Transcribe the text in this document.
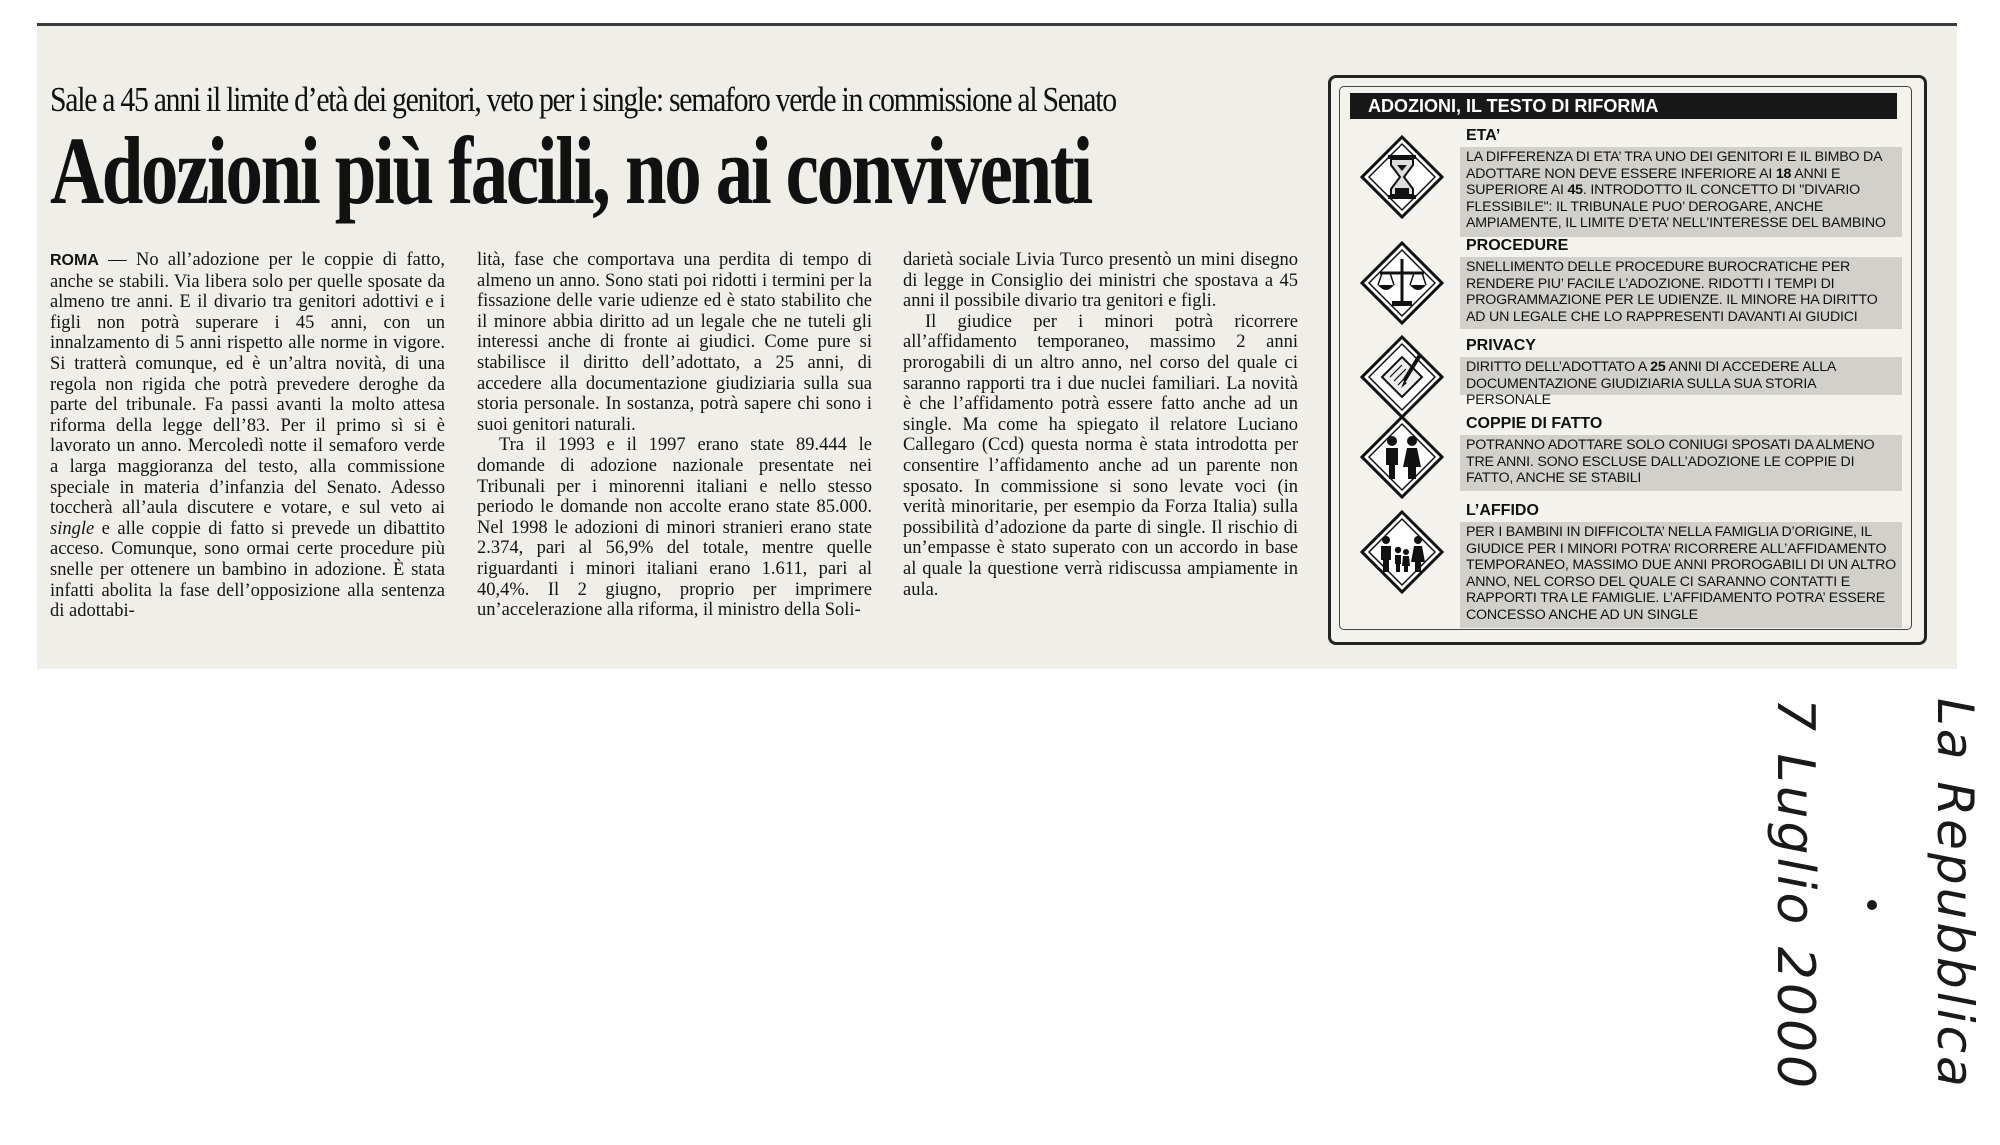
Sale a 45 anni il limite d’età dei genitori, veto per i single: semaforo verde in commissione al Senato
Adozioni più facili, no ai conviventi

ROMA — No all’adozione per le coppie di fatto, anche se stabili. Via libera solo per quelle sposate da almeno tre anni. E il divario tra genitori adottivi e i figli non potrà superare i 45 anni, con un innalzamento di 5 anni rispetto alle norme in vigore. Si tratterà comunque, ed è un’altra novità, di una regola non rigida che potrà prevedere deroghe da parte del tribunale. Fa passi avanti la molto attesa riforma della legge dell’83. Per il primo sì si è lavorato un anno. Mercoledì notte il semaforo verde a larga maggioranza del testo, alla commissione speciale in materia d’infanzia del Senato. Adesso toccherà all’aula discutere e votare, e sul veto ai single e alle coppie di fatto si prevede un dibattito acceso. Comunque, sono ormai certe procedure più snelle per ottenere un bambino in adozione. È stata infatti abolita la fase dell’opposizione alla sentenza di adottabi-

lità, fase che comportava una perdita di tempo di almeno un anno. Sono stati poi ridotti i termini per la fissazione delle varie udienze ed è stato stabilito che il minore abbia diritto ad un legale che ne tuteli gli interessi anche di fronte ai giudici. Come pure si stabilisce il diritto dell’adottato, a 25 anni, di accedere alla documentazione giudiziaria sulla sua storia personale. In sostanza, potrà sapere chi sono i suoi genitori naturali.

Tra il 1993 e il 1997 erano state 89.444 le domande di adozione nazionale presentate nei Tribunali per i minorenni italiani e nello stesso periodo le domande non accolte erano state 85.000. Nel 1998 le adozioni di minori stranieri erano state 2.374, pari al 56,9% del totale, mentre quelle riguardanti i minori italiani erano 1.611, pari al 40,4%. Il 2 giugno, proprio per imprimere un’accelerazione alla riforma, il ministro della Soli-

darietà sociale Livia Turco presentò un mini disegno di legge in Consiglio dei ministri che spostava a 45 anni il possibile divario tra genitori e figli.

Il giudice per i minori potrà ricorrere all’affidamento temporaneo, massimo 2 anni prorogabili di un altro anno, nel corso del quale ci saranno rapporti tra i due nuclei familiari. La novità è che l’affidamento potrà essere fatto anche ad un single. Ma come ha spiegato il relatore Luciano Callegaro (Ccd) questa norma è stata introdotta per consentire l’affidamento anche ad un parente non sposato. In commissione si sono levate voci (in verità minoritarie, per esempio da Forza Italia) sulla possibilità d’adozione da parte di single. Il rischio di un’empasse è stato superato con un accordo in base al quale la questione verrà ridiscussa ampiamente in aula.

ADOZIONI, IL TESTO DI RIFORMA
ETA’
LA DIFFERENZA DI ETA’ TRA UNO DEI GENITORI E IL BIMBO DA ADOTTARE NON DEVE ESSERE INFERIORE AI 18 ANNI E SUPERIORE AI 45. INTRODOTTO IL CONCETTO DI "DIVARIO FLESSIBILE": IL TRIBUNALE PUO’ DEROGARE, ANCHE AMPIAMENTE, IL LIMITE D’ETA’ NELL’INTERESSE DEL BAMBINO
SNELLIMENTO DELLE PROCEDURE BUROCRATICHE PER RENDERE PIU’ FACILE L’ADOZIONE. RIDOTTI I TEMPI DI PROGRAMMAZIONE PER LE UDIENZE. IL MINORE HA DIRITTO AD UN LEGALE CHE LO RAPPRESENTI DAVANTI AI GIUDICI
PROCEDURE
PRIVACY
DIRITTO DELL’ADOTTATO A 25 ANNI DI ACCEDERE ALLA DOCUMENTAZIONE GIUDIZIARIA SULLA SUA STORIA PERSONALE
COPPIE DI FATTO
POTRANNO ADOTTARE SOLO CONIUGI SPOSATI DA ALMENO TRE ANNI. SONO ESCLUSE DALL’ADOZIONE LE COPPIE DI FATTO, ANCHE SE STABILI
L’AFFIDO
PER I BAMBINI IN DIFFICOLTA’ NELLA FAMIGLIA D’ORIGINE, IL GIUDICE PER I MINORI POTRA’ RICORRERE ALL’AFFIDAMENTO TEMPORANEO, MASSIMO DUE ANNI PROROGABILI DI UN ALTRO ANNO, NEL CORSO DEL QUALE CI SARANNO CONTATTI E RAPPORTI TRA LE FAMIGLIE. L’AFFIDAMENTO POTRA’ ESSERE CONCESSO ANCHE AD UN SINGLE
La Repubblica
7 Luglio 2000
